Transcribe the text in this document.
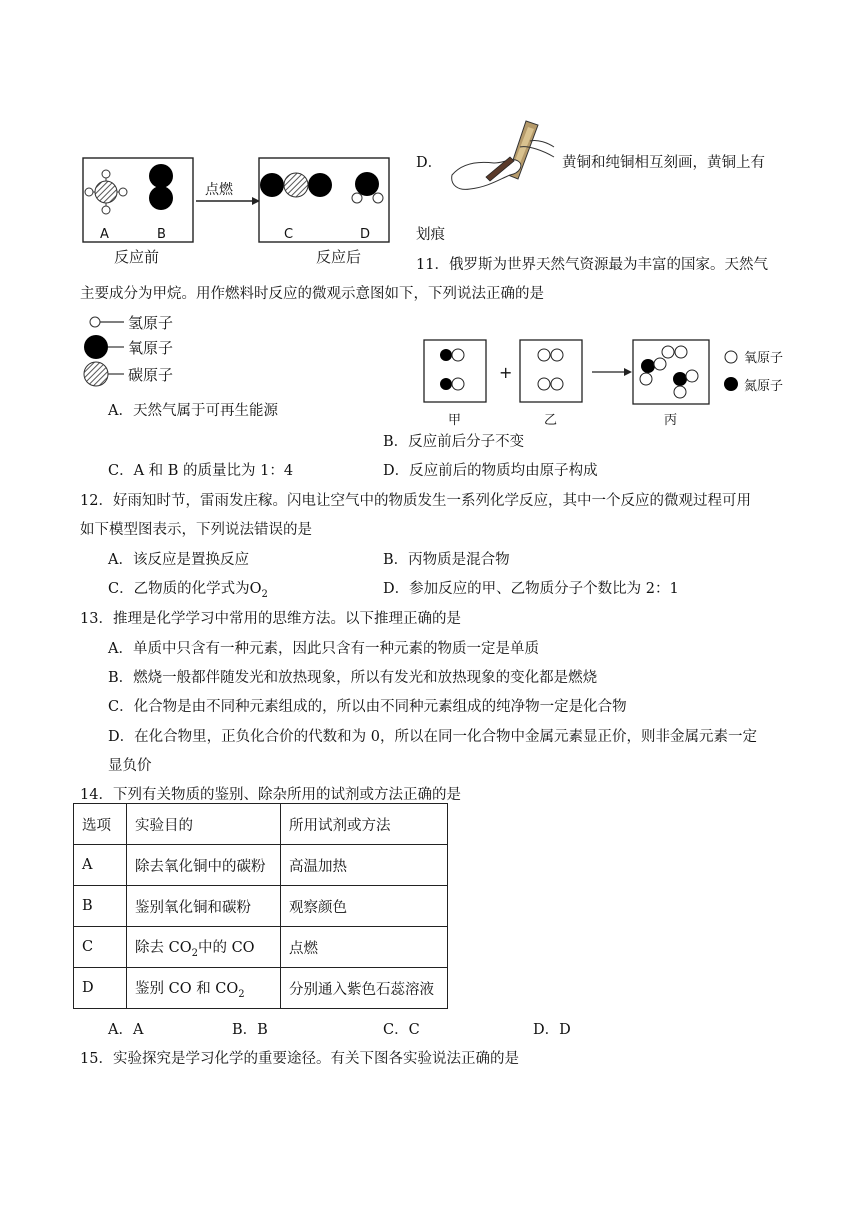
A	B
点燃
C	D
反应前	反应后
D．	黄铜和纯铜相互刻画，黄铜上有
划痕
11．俄罗斯为世界天然气资源最为丰富的国家。天然气
主要成分为甲烷。用作燃料时反应的微观示意图如下，下列说法正确的是
氢原子
氧原子
碳原子	+
甲	乙	丙
氧原子
氮原子
A．天然气属于可再生能源
B．反应前后分子不变
C．A 和 B 的质量比为 1：4	D．反应前后的物质均由原子构成
12．好雨知时节，雷雨发庄稼。闪电让空气中的物质发生一系列化学反应，其中一个反应的微观过程可用
如下模型图表示，下列说法错误的是
A．该反应是置换反应	B．丙物质是混合物
C．乙物质的化学式为$O_2$	D．参加反应的甲、乙物质分子个数比为 2：1
13．推理是化学学习中常用的思维方法。以下推理正确的是
A．单质中只含有一种元素，因此只含有一种元素的物质一定是单质
B．燃烧一般都伴随发光和放热现象，所以有发光和放热现象的变化都是燃烧
C．化合物是由不同种元素组成的，所以由不同种元素组成的纯净物一定是化合物
D．在化合物里，正负化合价的代数和为 0，所以在同一化合物中金属元素显正价，则非金属元素一定
显负价
14．下列有关物质的鉴别、除杂所用的试剂或方法正确的是
选项	实验目的	所用试剂或方法
A	除去氧化铜中的碳粉	高温加热
B	鉴别氧化铜和碳粉	观察颜色
C	除去 $CO_2$中的 CO	点燃
D	鉴别 CO 和 $CO_2$	分别通入紫色石蕊溶液
A．A	B．B	C．C	D．D
15．实验探究是学习化学的重要途径。有关下图各实验说法正确的是
